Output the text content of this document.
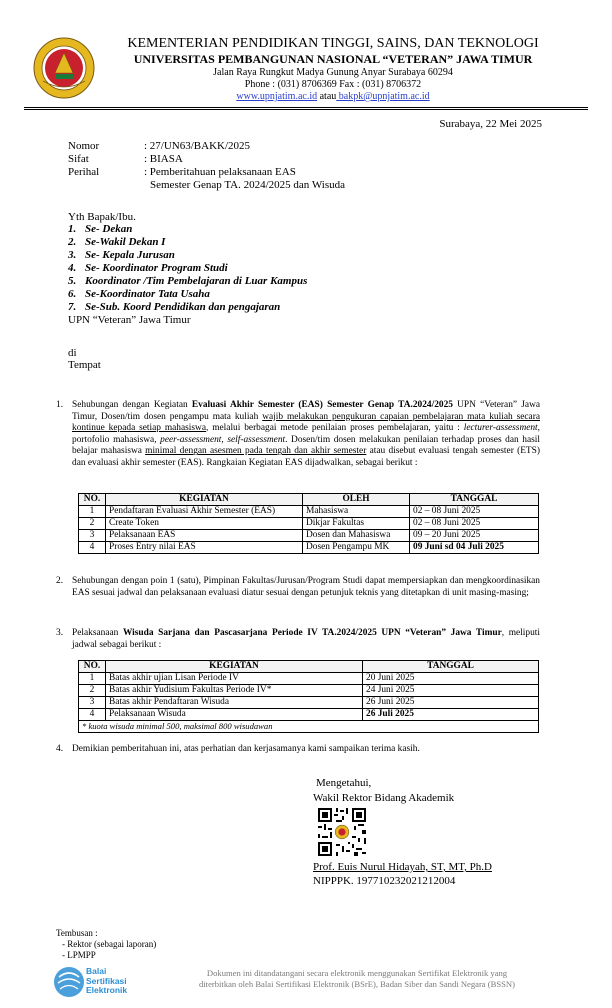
KEMENTERIAN PENDIDIKAN TINGGI, SAINS, DAN TEKNOLOGI
UNIVERSITAS PEMBANGUNAN NASIONAL “VETERAN” JAWA TIMUR
Jalan Raya Rungkut Madya Gunung Anyar Surabaya 60294
Phone : (031) 8706369 Fax : (031) 8706372
www.upnjatim.ac.id atau bakpk@upnjatim.ac.id
Surabaya, 22 Mei 2025
Nomor	: 27/UN63/BAKK/2025
Sifat	: BIASA
Perihal	: Pemberitahuan pelaksanaan EAS
Semester Genap TA. 2024/2025 dan Wisuda
Yth Bapak/Ibu.
1. Se- Dekan
2. Se-Wakil Dekan I
3. Se- Kepala Jurusan
4. Se- Koordinator Program Studi
5. Koordinator /Tim Pembelajaran di Luar Kampus
6. Se-Koordinator Tata Usaha
7. Se-Sub. Koord Pendidikan dan pengajaran
UPN “Veteran” Jawa Timur
di
Tempat
1. Sehubungan dengan Kegiatan Evaluasi Akhir Semester (EAS) Semester Genap TA.2024/2025 UPN “Veteran” Jawa Timur, Dosen/tim dosen pengampu mata kuliah wajib melakukan pengukuran capaian pembelajaran mata kuliah secara kontinue kepada setiap mahasiswa, melalui berbagai metode penilaian proses pembelajaran, yaitu : lecturer-assessment, portofolio mahasiswa, peer-assessment, self-assessment. Dosen/tim dosen melakukan penilaian terhadap proses dan hasil belajar mahasiswa minimal dengan asesmen pada tengah dan akhir semester atau disebut evaluasi tengah semester (ETS) dan evaluasi akhir semester (EAS). Rangkaian Kegiatan EAS dijadwalkan, sebagai berikut :
NO.	KEGIATAN	OLEH	TANGGAL
1	Pendaftaran Evaluasi Akhir Semester (EAS)	Mahasiswa	02 – 08 Juni 2025
2	Create Token	Dikjar Fakultas	02 – 08 Juni 2025
3	Pelaksanaan EAS	Dosen dan Mahasiswa	09 – 20 Juni 2025
4	Proses Entry nilai EAS	Dosen Pengampu MK	09 Juni sd 04 Juli 2025
2. Sehubungan dengan poin 1 (satu), Pimpinan Fakultas/Jurusan/Program Studi dapat mempersiapkan dan mengkoordinasikan EAS sesuai jadwal dan pelaksanaan evaluasi diatur sesuai dengan petunjuk teknis yang ditetapkan di unit masing-masing;
3. Pelaksanaan Wisuda Sarjana dan Pascasarjana Periode IV TA.2024/2025 UPN “Veteran” Jawa Timur, meliputi jadwal sebagai berikut :
NO.	KEGIATAN	TANGGAL
1	Batas akhir ujian Lisan Periode IV	20 Juni 2025
2	Batas akhir Yudisium Fakultas Periode IV*	24 Juni 2025
3	Batas akhir Pendaftaran Wisuda	26 Juni 2025
4	Pelaksanaan Wisuda	26 Juli 2025
* kuota wisuda minimal 500, maksimal 800 wisudawan		
4. Demikian pemberitahuan ini, atas perhatian dan kerjasamanya kami sampaikan terima kasih.
Mengetahui,
Wakil Rektor Bidang Akademik
Prof. Euis Nurul Hidayah, ST, MT, Ph.D
NIPPPK. 197710232021212004
Tembusan :
- Rektor (sebagai laporan)
- LPMPP
Balai
Sertifikasi
Elektronik
Dokumen ini ditandatangani secara elektronik menggunakan Sertifikat Elektronik yang
diterbitkan oleh Balai Sertifikasi Elektronik (BSrE), Badan Siber dan Sandi Negara (BSSN)
